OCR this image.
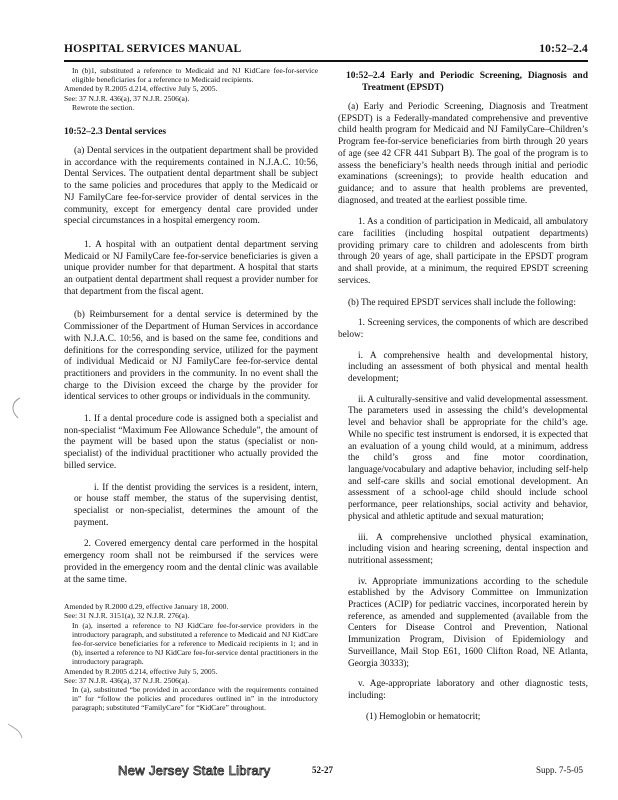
HOSPITAL SERVICES MANUAL	10:52–2.4

In (b)1, substituted a reference to Medicaid and NJ KidCare fee-for-service eligible beneficiaries for a reference to Medicaid recipients.

Amended by R.2005 d.214, effective July 5, 2005.

See: 37 N.J.R. 436(a), 37 N.J.R. 2506(a).

Rewrote the section.

10:52–2.3 Dental services

(a) Dental services in the outpatient department shall be provided in accordance with the requirements contained in N.J.A.C. 10:56, Dental Services. The outpatient dental department shall be subject to the same policies and procedures that apply to the Medicaid or NJ FamilyCare fee-for-service provider of dental services in the community, except for emergency dental care provided under special circumstances in a hospital emergency room.

1. A hospital with an outpatient dental department serving Medicaid or NJ FamilyCare fee-for-service beneficiaries is given a unique provider number for that department. A hospital that starts an outpatient dental department shall request a provider number for that department from the fiscal agent.

(b) Reimbursement for a dental service is determined by the Commissioner of the Department of Human Services in accordance with N.J.A.C. 10:56, and is based on the same fee, conditions and definitions for the corresponding service, utilized for the payment of individual Medicaid or NJ FamilyCare fee-for-service dental practitioners and providers in the community. In no event shall the charge to the Division exceed the charge by the provider for identical services to other groups or individuals in the community.

1. If a dental procedure code is assigned both a specialist and non-specialist “Maximum Fee Allowance Schedule”, the amount of the payment will be based upon the status (specialist or non-specialist) of the individual practitioner who actually provided the billed service.

i. If the dentist providing the services is a resident, intern, or house staff member, the status of the supervising dentist, specialist or non-specialist, determines the amount of the payment.

2. Covered emergency dental care performed in the hospital emergency room shall not be reimbursed if the services were provided in the emergency room and the dental clinic was available at the same time.

Amended by R.2000 d.29, effective January 18, 2000.

See: 31 N.J.R. 3151(a), 32 N.J.R. 276(a).

In (a), inserted a reference to NJ KidCare fee-for-service providers in the introductory paragraph, and substituted a reference to Medicaid and NJ KidCare fee-for-service beneficiaries for a reference to Medicaid recipients in 1; and in (b), inserted a reference to NJ KidCare fee-for-service dental practitioners in the introductory paragraph.

Amended by R.2005 d.214, effective July 5, 2005.

See: 37 N.J.R. 436(a), 37 N.J.R. 2506(a).

In (a), substituted “be provided in accordance with the requirements contained in” for “follow the policies and procedures outlined in” in the introductory paragraph; substituted “FamilyCare” for “KidCare” throughout.

10:52–2.4 Early and Periodic Screening, Diagnosis and Treatment (EPSDT)

(a) Early and Periodic Screening, Diagnosis and Treatment (EPSDT) is a Federally-mandated comprehensive and preventive child health program for Medicaid and NJ FamilyCare–Children’s Program fee-for-service beneficiaries from birth through 20 years of age (see 42 CFR 441 Subpart B). The goal of the program is to assess the beneficiary’s health needs through initial and periodic examinations (screenings); to provide health education and guidance; and to assure that health problems are prevented, diagnosed, and treated at the earliest possible time.

1. As a condition of participation in Medicaid, all ambulatory care facilities (including hospital outpatient departments) providing primary care to children and adolescents from birth through 20 years of age, shall participate in the EPSDT program and shall provide, at a minimum, the required EPSDT screening services.

(b) The required EPSDT services shall include the following:

1. Screening services, the components of which are described below:

i. A comprehensive health and developmental history, including an assessment of both physical and mental health development;

ii. A culturally-sensitive and valid developmental assessment. The parameters used in assessing the child’s developmental level and behavior shall be appropriate for the child’s age. While no specific test instrument is endorsed, it is expected that an evaluation of a young child would, at a minimum, address the child’s gross and fine motor coordination, language/vocabulary and adaptive behavior, including self-help and self-care skills and social emotional development. An assessment of a school-age child should include school performance, peer relationships, social activity and behavior, physical and athletic aptitude and sexual maturation;

iii. A comprehensive unclothed physical examination, including vision and hearing screening, dental inspection and nutritional assessment;

iv. Appropriate immunizations according to the schedule established by the Advisory Committee on Immunization Practices (ACIP) for pediatric vaccines, incorporated herein by reference, as amended and supplemented (available from the Centers for Disease Control and Prevention, National Immunization Program, Division of Epidemiology and Surveillance, Mail Stop E61, 1600 Clifton Road, NE Atlanta, Georgia 30333);

v. Age-appropriate laboratory and other diagnostic tests, including:

(1) Hemoglobin or hematocrit;

New Jersey State Library	52-27	Supp. 7-5-05
